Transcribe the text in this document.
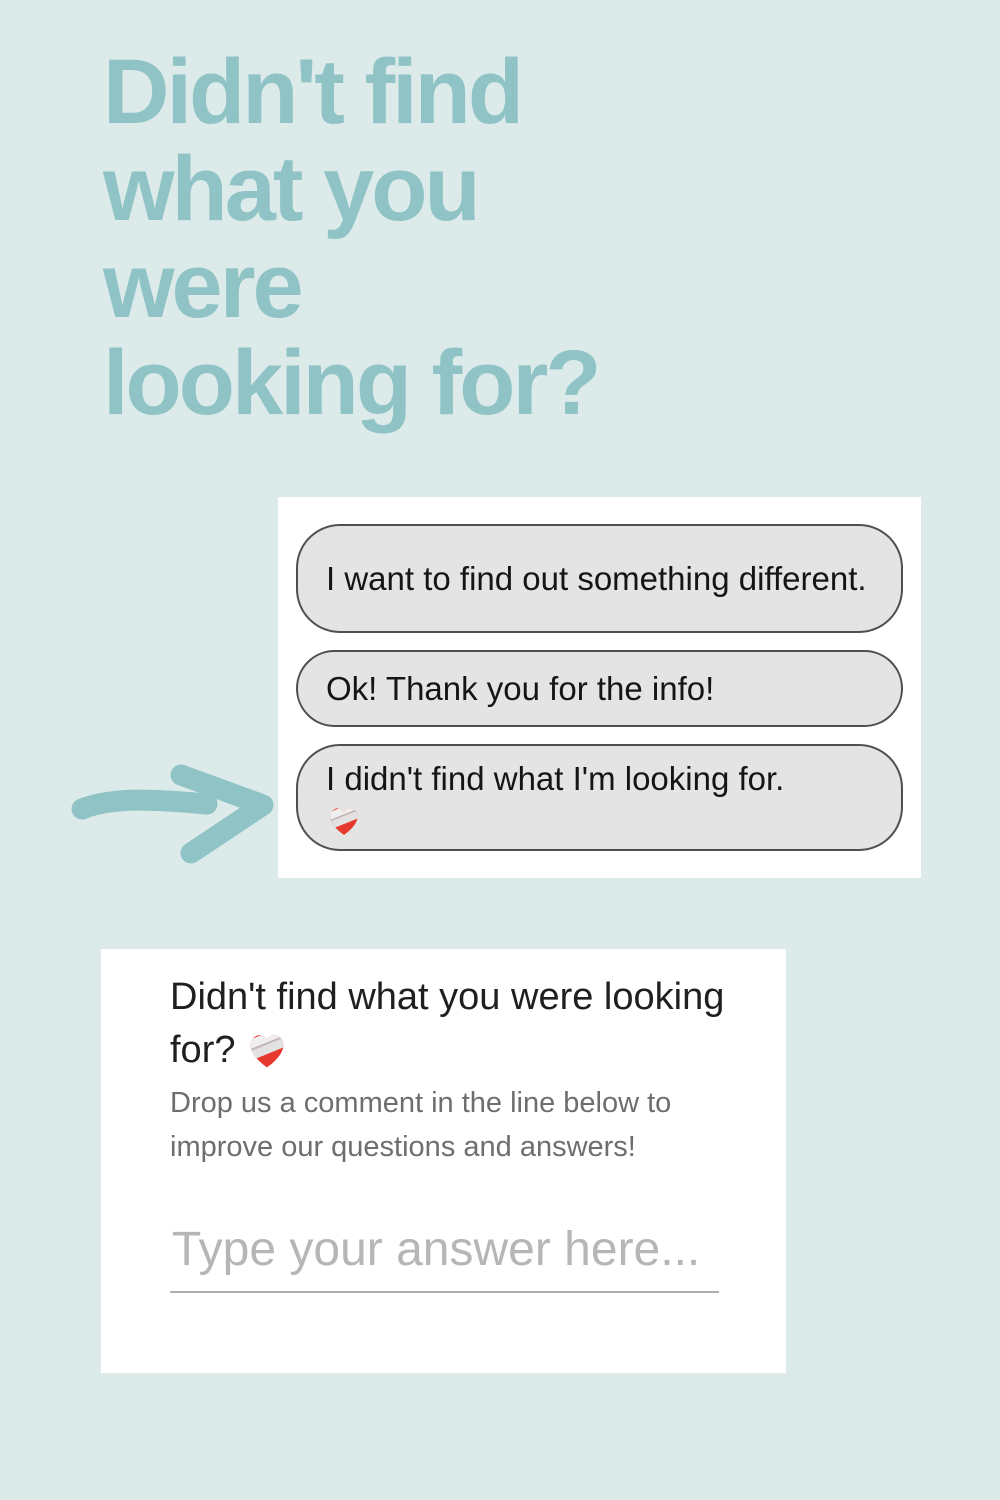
Didn't find
what you
were
looking for?
I want to find out something different.
Ok! Thank you for the info!
I didn't find what I'm looking for.
Didn't find what you were looking for?
Drop us a comment in the line below to improve our questions and answers!
Type your answer here...
